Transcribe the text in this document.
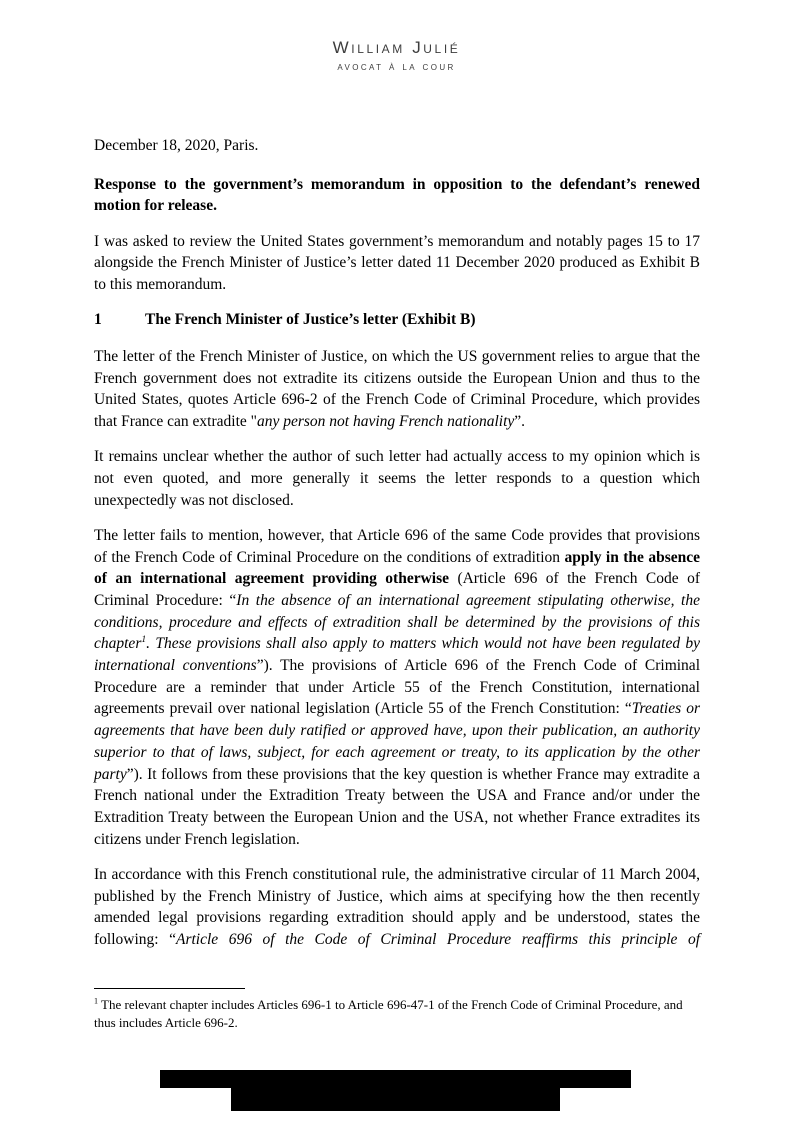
William Julié
avocat à la cour

December 18, 2020, Paris.

Response to the government’s memorandum in opposition to the defendant’s renewed motion for release.

I was asked to review the United States government’s memorandum and notably pages 15 to 17 alongside the French Minister of Justice’s letter dated 11 December 2020 produced as Exhibit B to this memorandum.

1	The French Minister of Justice’s letter (Exhibit B)

The letter of the French Minister of Justice, on which the US government relies to argue that the French government does not extradite its citizens outside the European Union and thus to the United States, quotes Article 696-2 of the French Code of Criminal Procedure, which provides that France can extradite "any person not having French nationality”.

It remains unclear whether the author of such letter had actually access to my opinion which is not even quoted, and more generally it seems the letter responds to a question which unexpectedly was not disclosed.

The letter fails to mention, however, that Article 696 of the same Code provides that provisions of the French Code of Criminal Procedure on the conditions of extradition apply in the absence of an international agreement providing otherwise (Article 696 of the French Code of Criminal Procedure: “In the absence of an international agreement stipulating otherwise, the conditions, procedure and effects of extradition shall be determined by the provisions of this chapter$^1$. These provisions shall also apply to matters which would not have been regulated by international conventions”). The provisions of Article 696 of the French Code of Criminal Procedure are a reminder that under Article 55 of the French Constitution, international agreements prevail over national legislation (Article 55 of the French Constitution: “Treaties or agreements that have been duly ratified or approved have, upon their publication, an authority superior to that of laws, subject, for each agreement or treaty, to its application by the other party”). It follows from these provisions that the key question is whether France may extradite a French national under the Extradition Treaty between the USA and France and/or under the Extradition Treaty between the European Union and the USA, not whether France extradites its citizens under French legislation.

In accordance with this French constitutional rule, the administrative circular of 11 March 2004, published by the French Ministry of Justice, which aims at specifying how the then recently amended legal provisions regarding extradition should apply and be understood, states the following: “Article 696 of the Code of Criminal Procedure reaffirms this principle of

$^1$ The relevant chapter includes Articles 696-1 to Article 696-47-1 of the French Code of Criminal Procedure, and thus includes Article 696-2.
